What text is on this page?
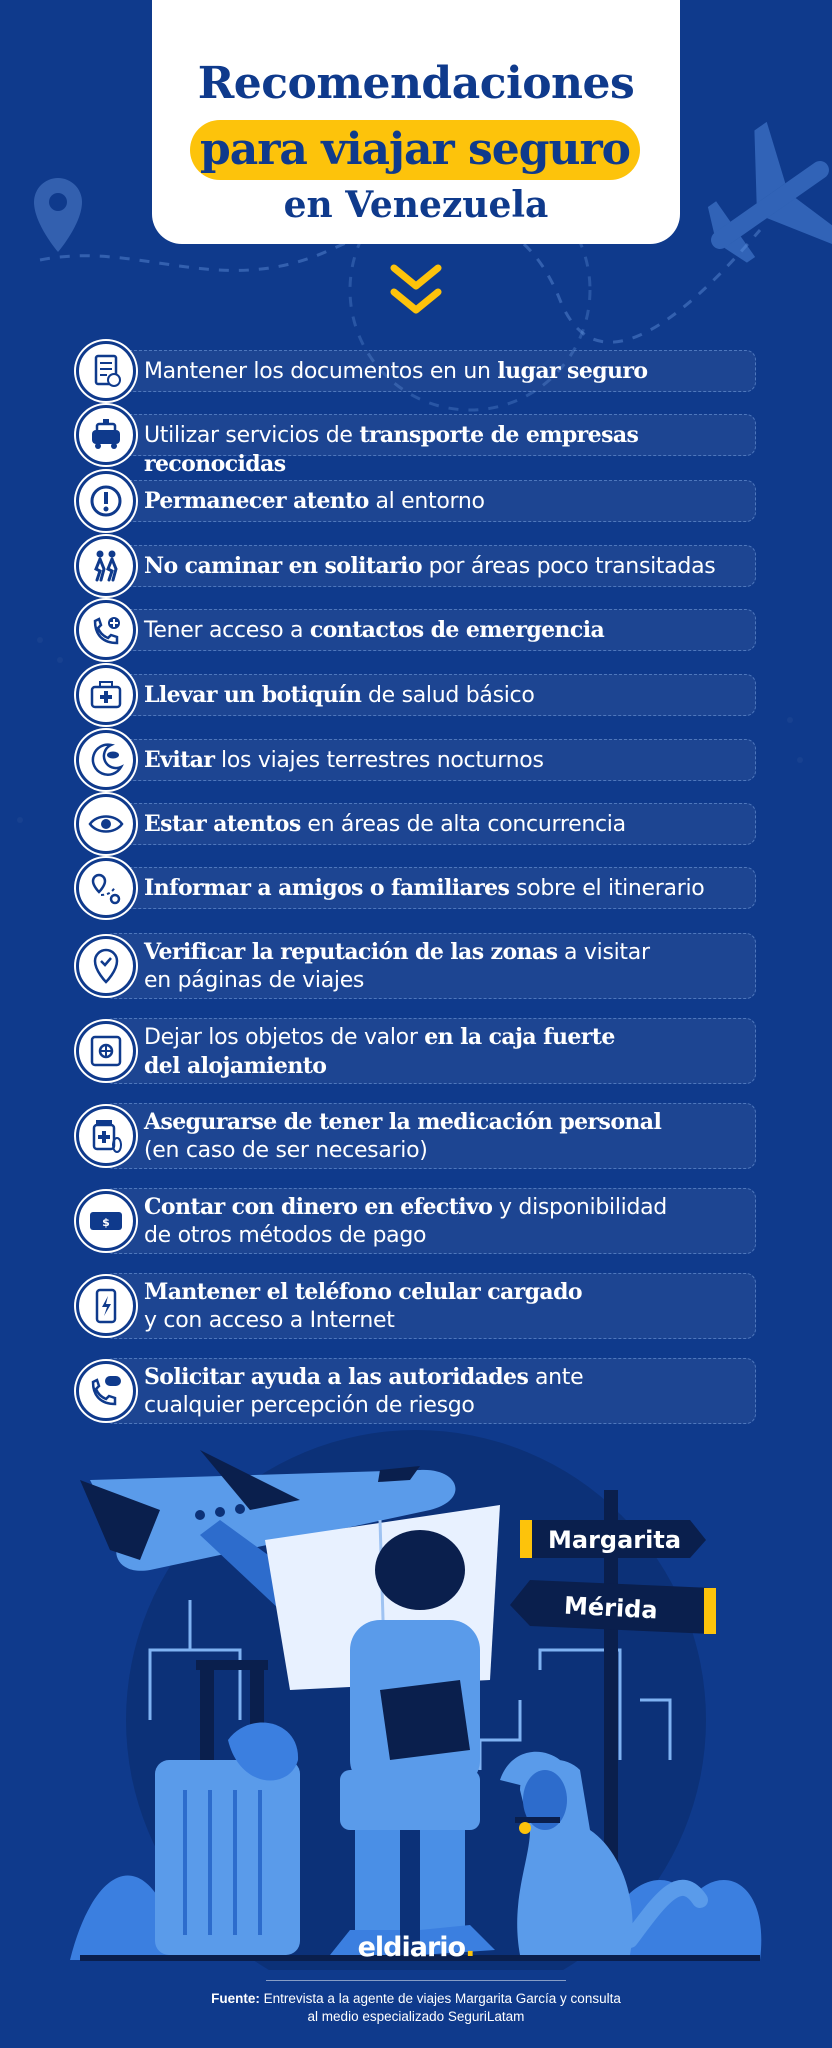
Recomendaciones
para viajar seguro
en Venezuela
Mantener los documentos en un lugar seguro
Utilizar servicios de transporte de empresas reconocidas
Permanecer atento al entorno
No caminar en solitario por áreas poco transitadas
Tener acceso a contactos de emergencia
Llevar un botiquín de salud básico
Evitar los viajes terrestres nocturnos
Estar atentos en áreas de alta concurrencia
Informar a amigos o familiares sobre el itinerario
Verificar la reputación de las zonas a visitar
en páginas de viajes
Dejar los objetos de valor en la caja fuerte
del alojamiento
Asegurarse de tener la medicación personal
(en caso de ser necesario)
$
Contar con dinero en efectivo y disponibilidad
de otros métodos de pago
Mantener el teléfono celular cargado
y con acceso a Internet
Solicitar ayuda a las autoridades ante
cualquier percepción de riesgo
Margarita
Mérida
eldiario.
Fuente: Entrevista a la agente de viajes Margarita García y consulta
al medio especializado SeguriLatam
